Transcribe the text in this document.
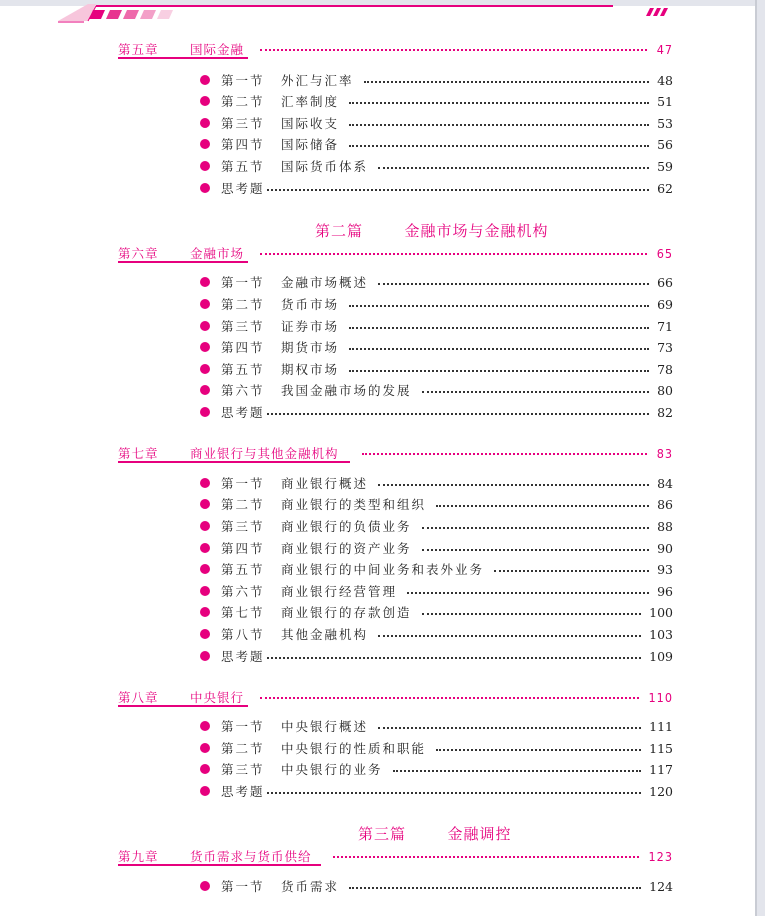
第五章	国际金融	47
第一节 外汇与汇率	48
第二节 汇率制度	51
第三节 国际收支	53
第四节 国际储备	56
第五节 国际货币体系	59
思考题	62
第二篇	金融市场与金融机构
第六章	金融市场	65
第一节 金融市场概述	66
第二节 货币市场	69
第三节 证券市场	71
第四节 期货市场	73
第五节 期权市场	78
第六节 我国金融市场的发展	80
思考题	82
第七章	商业银行与其他金融机构	83
第一节 商业银行概述	84
第二节 商业银行的类型和组织	86
第三节 商业银行的负债业务	88
第四节 商业银行的资产业务	90
第五节 商业银行的中间业务和表外业务	93
第六节 商业银行经营管理	96
第七节 商业银行的存款创造	100
第八节 其他金融机构	103
思考题	109
第八章	中央银行	110
第一节 中央银行概述	111
第二节 中央银行的性质和职能	115
第三节 中央银行的业务	117
思考题	120
第三篇	金融调控
第九章	货币需求与货币供给	123
第一节 货币需求	124
